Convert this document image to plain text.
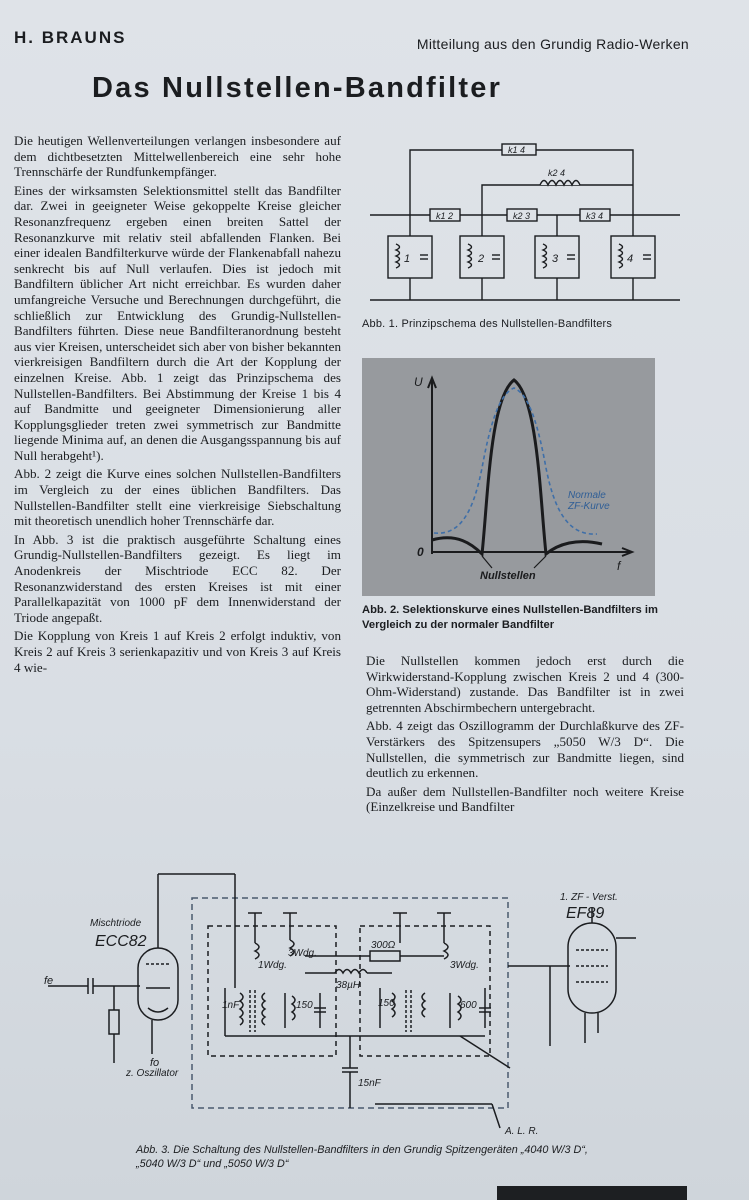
H. BRAUNS	Mitteilung aus den Grundig Radio-Werken
Das Nullstellen-Bandfilter

Die heutigen Wellenverteilungen verlangen insbesondere auf dem dichtbesetzten Mittelwellenbereich eine sehr hohe Trennschärfe der Rundfunkempfänger.

Eines der wirksamsten Selektionsmittel stellt das Bandfilter dar. Zwei in geeigneter Weise gekoppelte Kreise gleicher Resonanzfrequenz ergeben einen breiten Sattel der Resonanzkurve mit relativ steil abfallenden Flanken. Bei einer idealen Bandfilterkurve würde der Flankenabfall nahezu senkrecht bis auf Null verlaufen. Dies ist jedoch mit Bandfiltern üblicher Art nicht erreichbar. Es wurden daher umfangreiche Versuche und Berechnungen durchgeführt, die schließlich zur Entwicklung des Grundig-Nullstellen-Bandfilters führten. Diese neue Bandfilteranordnung besteht aus vier Kreisen, unterscheidet sich aber von bisher bekannten vierkreisigen Bandfiltern durch die Art der Kopplung der einzelnen Kreise. Abb. 1 zeigt das Prinzipschema des Nullstellen-Bandfilters. Bei Abstimmung der Kreise 1 bis 4 auf Bandmitte und geeigneter Dimensionierung aller Kopplungsglieder treten zwei symmetrisch zur Bandmitte liegende Minima auf, an denen die Ausgangsspannung bis auf Null herabgeht¹).

Abb. 2 zeigt die Kurve eines solchen Nullstellen-Bandfilters im Vergleich zu der eines üblichen Bandfilters. Das Nullstellen-Bandfilter stellt eine vierkreisige Siebschaltung mit theoretisch unendlich hoher Trennschärfe dar.

In Abb. 3 ist die praktisch ausgeführte Schaltung eines Grundig-Nullstellen-Bandfilters gezeigt. Es liegt im Anodenkreis der Mischtriode ECC 82. Der Resonanzwiderstand des ersten Kreises ist mit einer Parallelkapazität von 1000 pF dem Innenwiderstand der Triode angepaßt.

Die Kopplung von Kreis 1 auf Kreis 2 erfolgt induktiv, von Kreis 2 auf Kreis 3 serienkapazitiv und von Kreis 3 auf Kreis 4 wie-

k1 4
k2 4
k1 2	k2 3	k3 4
1	2	3	4
Abb. 1. Prinzipschema des Nullstellen-Bandfilters
U
f
0
Nullstellen
Normale
ZF-Kurve
Abb. 2. Selektionskurve eines Nullstellen-Bandfilters im Vergleich zu der normaler Bandfilter

Die Nullstellen kommen jedoch erst durch die Wirkwiderstand-Kopplung zwischen Kreis 2 und 4 (300-Ohm-Widerstand) zustande. Das Bandfilter ist in zwei getrennten Abschirmbechern untergebracht.

Abb. 4 zeigt das Oszillogramm der Durchlaßkurve des ZF-Verstärkers des Spitzensupers „5050 W/3 D“. Die Nullstellen, die symmetrisch zur Bandmitte liegen, sind deutlich zu erkennen.

Da außer dem Nullstellen-Bandfilter noch weitere Kreise (Einzelkreise und Bandfilter

Mischtriode
ECC82
1. ZF - Verst.
EF89
fe
fo
z. Oszillator
3Wdg.
1Wdg.
300Ω
3Wdg.
38µH
1nF	150	150	600
15nF
A. L. R.
Abb. 3. Die Schaltung des Nullstellen-Bandfilters in den Grundig Spitzengeräten „4040 W/3 D“, „5040 W/3 D“ und „5050 W/3 D“
